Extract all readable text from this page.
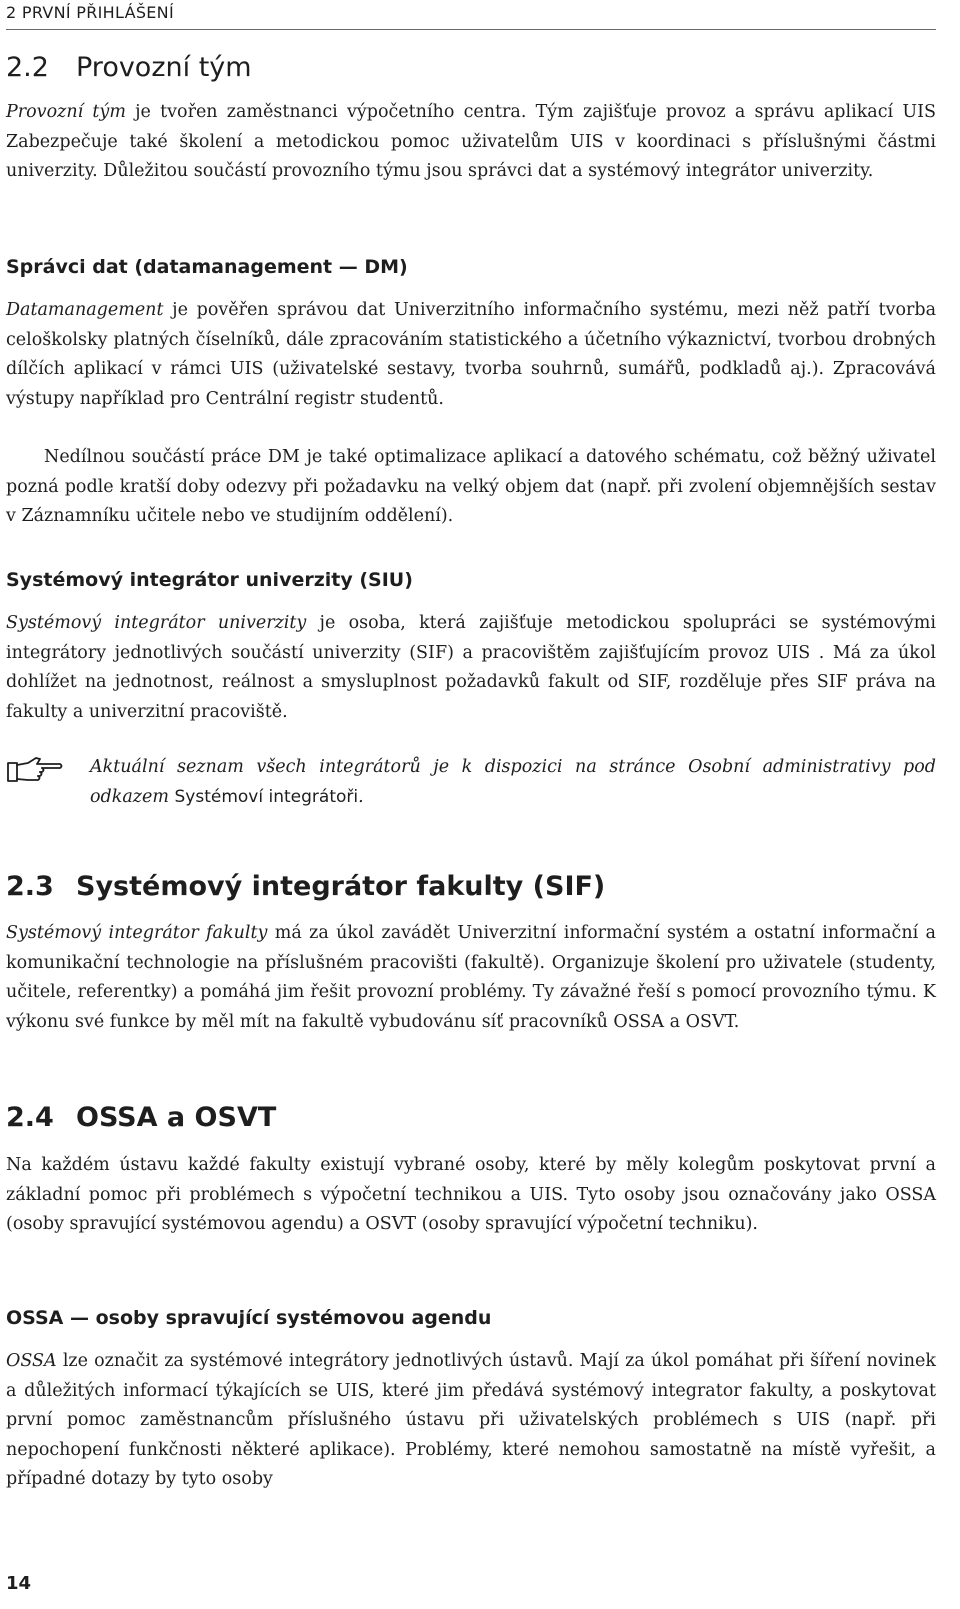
2 PRVNÍ PŘIHLÁŠENÍ
2.2 Provozní tým

Provozní tým je tvořen zaměstnanci výpočetního centra. Tým zajišťuje provoz a správu aplikací UIS Zabezpečuje také školení a metodickou pomoc uživatelům UIS v koordinaci s příslušnými částmi univerzity. Důležitou součástí provozního týmu jsou správci dat a systémový integrátor univerzity.

Správci dat (datamanagement — DM)

Datamanagement je pověřen správou dat Univerzitního informačního systému, mezi něž patří tvorba celoškolsky platných číselníků, dále zpracováním statistického a účetního výkaznictví, tvorbou drobných dílčích aplikací v rámci UIS (uživatelské sestavy, tvorba souhrnů, sumářů, podkladů aj.). Zpracovává výstupy například pro Centrální registr studentů.

Nedílnou součástí práce DM je také optimalizace aplikací a datového schématu, což běžný uživatel pozná podle kratší doby odezvy při požadavku na velký objem dat (např. při zvolení objemnějších sestav v Záznamníku učitele nebo ve studijním oddělení).

Systémový integrátor univerzity (SIU)

Systémový integrátor univerzity je osoba, která zajišťuje metodickou spolupráci se systémovými integrátory jednotlivých součástí univerzity (SIF) a pracovištěm zajišťujícím provoz UIS . Má za úkol dohlížet na jednotnost, reálnost a smysluplnost požadavků fakult od SIF, rozděluje přes SIF práva na fakulty a univerzitní pracoviště.

Aktuální seznam všech integrátorů je k dispozici na stránce Osobní administrativy pod odkazem Systémoví integrátoři.

2.3 Systémový integrátor fakulty (SIF)

Systémový integrátor fakulty má za úkol zavádět Univerzitní informační systém a ostatní informační a komunikační technologie na příslušném pracovišti (fakultě). Organizuje školení pro uživatele (studenty, učitele, referentky) a pomáhá jim řešit provozní problémy. Ty závažné řeší s pomocí provozního týmu. K výkonu své funkce by měl mít na fakultě vybudovánu síť pracovníků OSSA a OSVT.

2.4 OSSA a OSVT

Na každém ústavu každé fakulty existují vybrané osoby, které by měly kolegům poskytovat první a základní pomoc při problémech s výpočetní technikou a UIS. Tyto osoby jsou označovány jako OSSA (osoby spravující systémovou agendu) a OSVT (osoby spravující výpočetní techniku).

OSSA — osoby spravující systémovou agendu

OSSA lze označit za systémové integrátory jednotlivých ústavů. Mají za úkol pomáhat při šíření novinek a důležitých informací týkajících se UIS, které jim předává systémový integrator fakulty, a poskytovat první pomoc zaměstnancům příslušného ústavu při uživatelských problémech s UIS (např. při nepochopení funkčnosti některé aplikace). Problémy, které nemohou samostatně na místě vyřešit, a případné dotazy by tyto osoby

14
